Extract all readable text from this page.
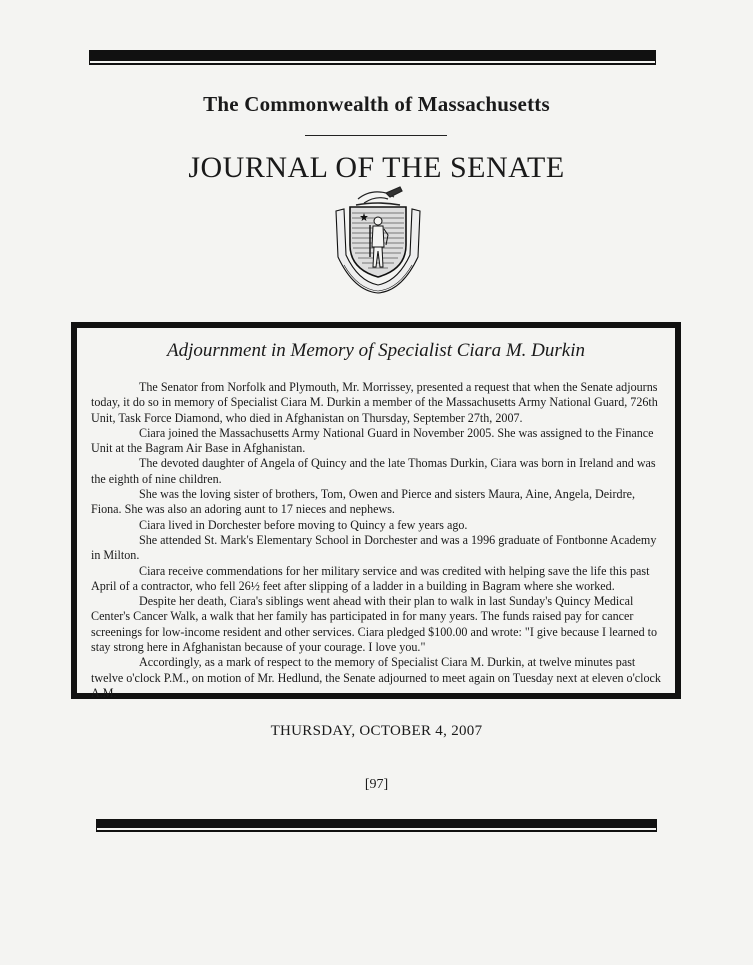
The Commonwealth of Massachusetts
JOURNAL OF THE SENATE
Adjournment in Memory of Specialist Ciara M. Durkin

The Senator from Norfolk and Plymouth, Mr. Morrissey, presented a request that when the Senate adjourns today, it do so in memory of Specialist Ciara M. Durkin a member of the Massachusetts Army National Guard, 726th Unit, Task Force Diamond, who died in Afghanistan on Thursday, September 27th, 2007.

Ciara joined the Massachusetts Army National Guard in November 2005. She was assigned to the Finance Unit at the Bagram Air Base in Afghanistan.

The devoted daughter of Angela of Quincy and the late Thomas Durkin, Ciara was born in Ireland and was the eighth of nine children.

She was the loving sister of brothers, Tom, Owen and Pierce and sisters Maura, Aine, Angela, Deirdre, Fiona. She was also an adoring aunt to 17 nieces and nephews.

Ciara lived in Dorchester before moving to Quincy a few years ago.

She attended St. Mark's Elementary School in Dorchester and was a 1996 graduate of Fontbonne Academy in Milton.

Ciara receive commendations for her military service and was credited with helping save the life this past April of a contractor, who fell 26½ feet after slipping of a ladder in a building in Bagram where she worked.

Despite her death, Ciara's siblings went ahead with their plan to walk in last Sunday's Quincy Medical Center's Cancer Walk, a walk that her family has participated in for many years. The funds raised pay for cancer screenings for low-income resident and other services. Ciara pledged $100.00 and wrote: "I give because I learned to stay strong here in Afghanistan because of your courage. I love you."

Accordingly, as a mark of respect to the memory of Specialist Ciara M. Durkin, at twelve minutes past twelve o'clock P.M., on motion of Mr. Hedlund, the Senate adjourned to meet again on Tuesday next at eleven o'clock A.M.

THURSDAY, OCTOBER 4, 2007
[97]
